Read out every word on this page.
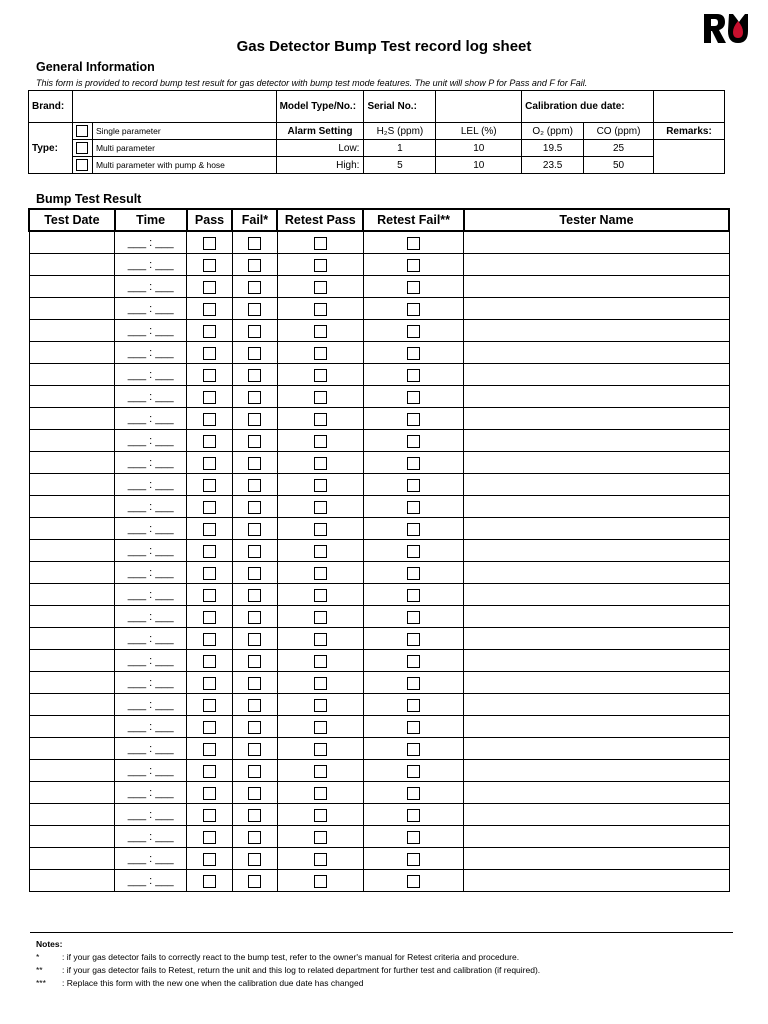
Gas Detector Bump Test record log sheet
General Information
This form is provided to record bump test result for gas detector with bump test mode features. The unit will show P for Pass and F for Fail.
Brand:			Model Type/No.:	Serial No.:		Calibration due date:		
Type:		Single parameter	Alarm Setting	H₂S (ppm)	LEL (%)	O₂ (ppm)	CO (ppm)	Remarks:
		Multi parameter	Low:	1	10	19.5	25	
		Multi parameter with pump & hose	High:	5	10	23.5	50	
Bump Test Result
Test Date	Time	Pass	Fail*	Retest Pass	Retest Fail**	Tester Name
	___ : ___					
	___ : ___					
	___ : ___					
	___ : ___					
	___ : ___					
	___ : ___					
	___ : ___					
	___ : ___					
	___ : ___					
	___ : ___					
	___ : ___					
	___ : ___					
	___ : ___					
	___ : ___					
	___ : ___					
	___ : ___					
	___ : ___					
	___ : ___					
	___ : ___					
	___ : ___					
	___ : ___					
	___ : ___					
	___ : ___					
	___ : ___					
	___ : ___					
	___ : ___					
	___ : ___					
	___ : ___					
	___ : ___					
	___ : ___					
Notes:
*	: if your gas detector fails to correctly react to the bump test, refer to the owner's manual for Retest criteria and procedure.
** : if your gas detector fails to Retest, return the unit and this log to related department for further test and calibration (if required).
*** : Replace this form with the new one when the calibration due date has changed
